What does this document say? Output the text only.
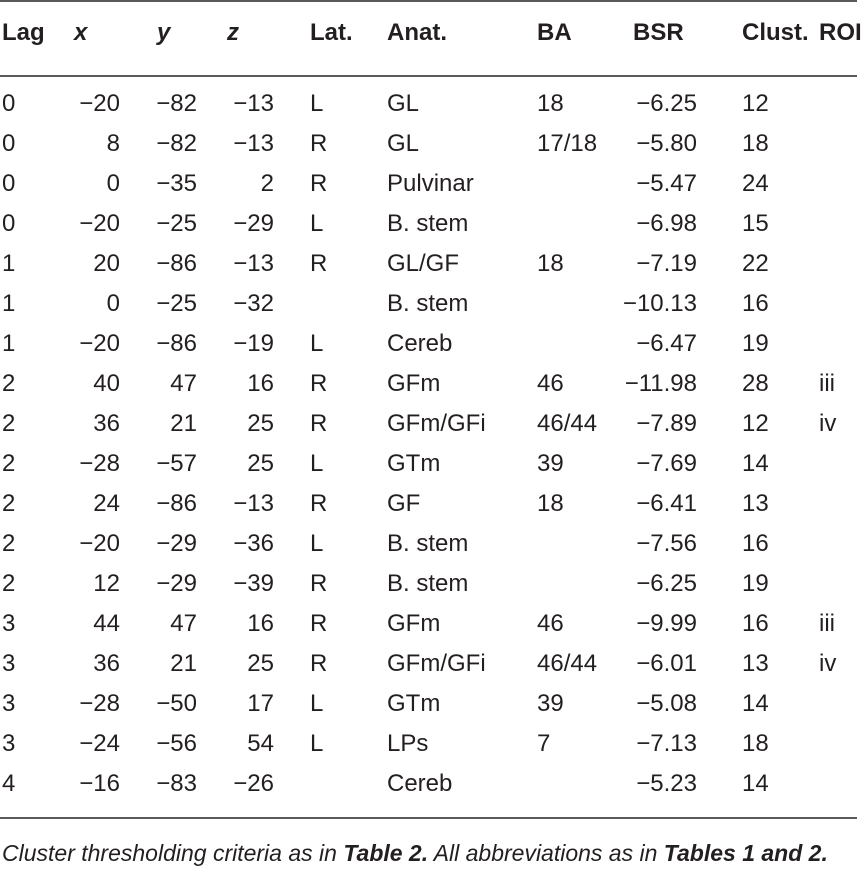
Lag	x	y	z	Lat.	Anat.	BA	BSR	Clust.	ROI

0	−20	−82	−13	L	GL	18	−6.25	12	
0	8	−82	−13	R	GL	17/18	−5.80	18	
0	0	−35	2	R	Pulvinar		−5.47	24	
0	−20	−25	−29	L	B. stem		−6.98	15	
1	20	−86	−13	R	GL/GF	18	−7.19	22	
1	0	−25	−32		B. stem		−10.13	16	
1	−20	−86	−19	L	Cereb		−6.47	19	
2	40	47	16	R	GFm	46	−11.98	28	iii
2	36	21	25	R	GFm/GFi	46/44	−7.89	12	iv
2	−28	−57	25	L	GTm	39	−7.69	14	
2	24	−86	−13	R	GF	18	−6.41	13	
2	−20	−29	−36	L	B. stem		−7.56	16	
2	12	−29	−39	R	B. stem		−6.25	19	
3	44	47	16	R	GFm	46	−9.99	16	iii
3	36	21	25	R	GFm/GFi	46/44	−6.01	13	iv
3	−28	−50	17	L	GTm	39	−5.08	14	
3	−24	−56	54	L	LPs	7	−7.13	18	
4	−16	−83	−26		Cereb		−5.23	14	
Cluster thresholding criteria as in Table 2. All abbreviations as in Tables 1 and 2.
